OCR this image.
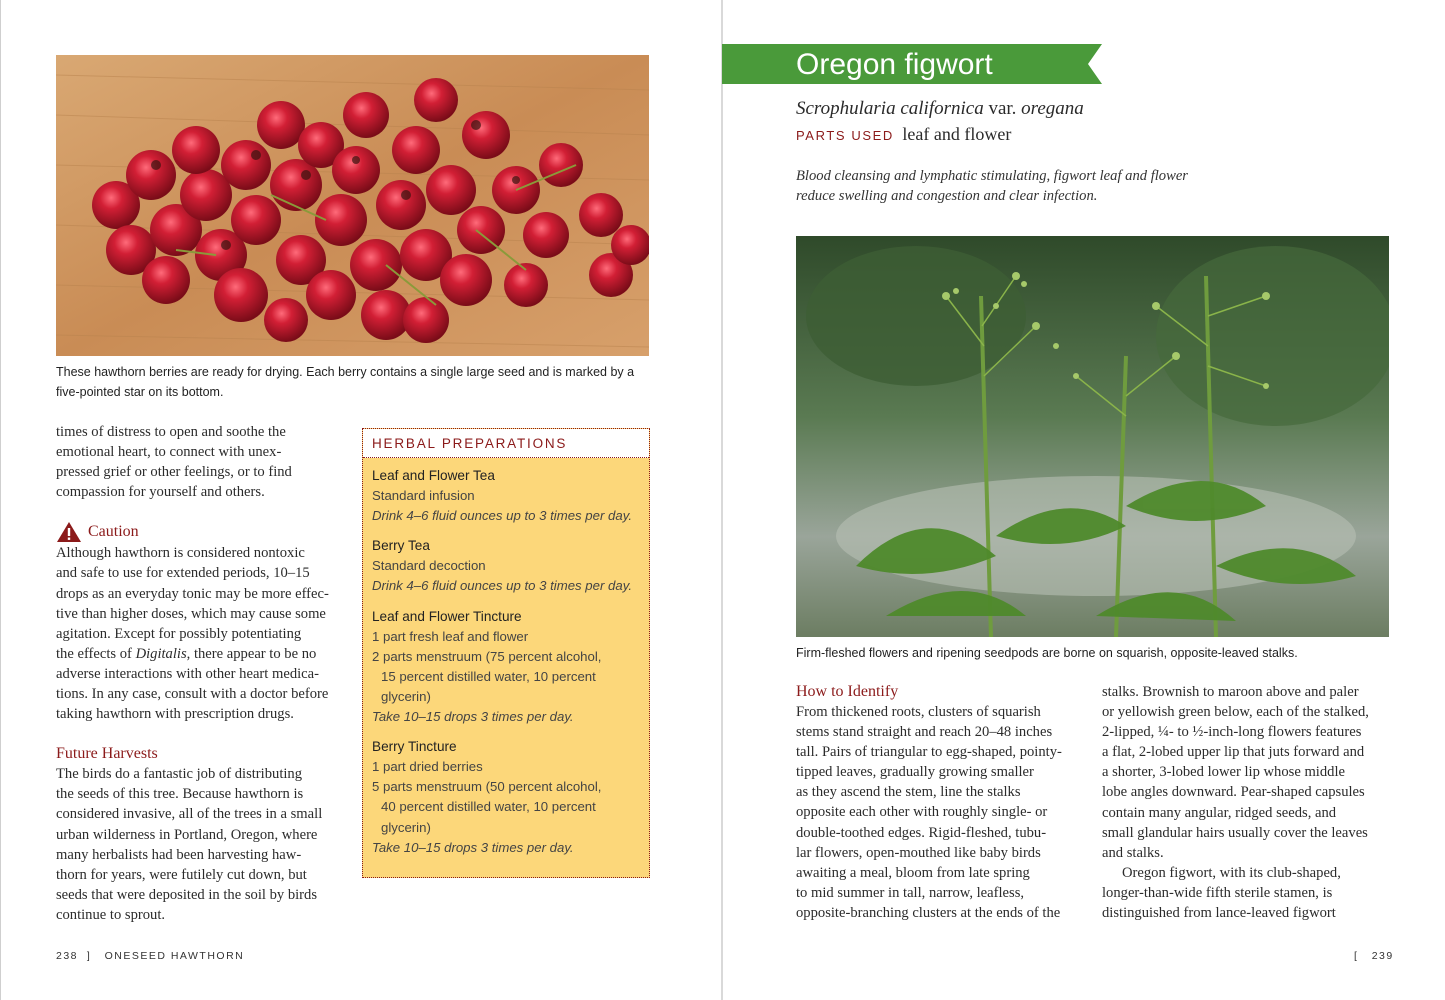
These hawthorn berries are ready for drying. Each berry contains a single large seed and is marked by a five-pointed star on its bottom.

times of distress to open and soothe the

emotional heart, to connect with unex-

pressed grief or other feelings, or to find

compassion for yourself and others.

Caution

Although hawthorn is considered nontoxic

and safe to use for extended periods, 10–15

drops as an everyday tonic may be more effec-

tive than higher doses, which may cause some

agitation. Except for possibly potentiating

the effects of Digitalis, there appear to be no

adverse interactions with other heart medica-

tions. In any case, consult with a doctor before

taking hawthorn with prescription drugs.

Future Harvests

The birds do a fantastic job of distributing

the seeds of this tree. Because hawthorn is

considered invasive, all of the trees in a small

urban wilderness in Portland, Oregon, where

many herbalists had been harvesting haw-

thorn for years, were futilely cut down, but

seeds that were deposited in the soil by birds

continue to sprout.

HERBAL PREPARATIONS
Leaf and Flower Tea
Standard infusion
Drink 4–6 fluid ounces up to 3 times per day.
Berry Tea
Standard decoction
Drink 4–6 fluid ounces up to 3 times per day.
Leaf and Flower Tincture
1 part fresh leaf and flower
2 parts menstruum (75 percent alcohol,
15 percent distilled water, 10 percent
glycerin)
Take 10–15 drops 3 times per day.
Berry Tincture
1 part dried berries
5 parts menstruum (50 percent alcohol,
40 percent distilled water, 10 percent
glycerin)
Take 10–15 drops 3 times per day.
238 ] ONESEED HAWTHORN
Oregon figwort
Scrophularia californica var. oregana
PARTS USED leaf and flower
Blood cleansing and lymphatic stimulating, figwort leaf and flower
reduce swelling and congestion and clear infection.
Firm-fleshed flowers and ripening seedpods are borne on squarish, opposite-leaved stalks.
How to Identify

From thickened roots, clusters of squarish

stems stand straight and reach 20–48 inches

tall. Pairs of triangular to egg-shaped, pointy-

tipped leaves, gradually growing smaller

as they ascend the stem, line the stalks

opposite each other with roughly single- or

double-toothed edges. Rigid-fleshed, tubu-

lar flowers, open-mouthed like baby birds

awaiting a meal, bloom from late spring

to mid summer in tall, narrow, leafless,

opposite-branching clusters at the ends of the

stalks. Brownish to maroon above and paler

or yellowish green below, each of the stalked,

2-lipped, ¼- to ½-inch-long flowers features

a flat, 2-lobed upper lip that juts forward and

a shorter, 3-lobed lower lip whose middle

lobe angles downward. Pear-shaped capsules

contain many angular, ridged seeds, and

small glandular hairs usually cover the leaves

and stalks.

Oregon figwort, with its club-shaped,

longer-than-wide fifth sterile stamen, is

distinguished from lance-leaved figwort

[ 239
